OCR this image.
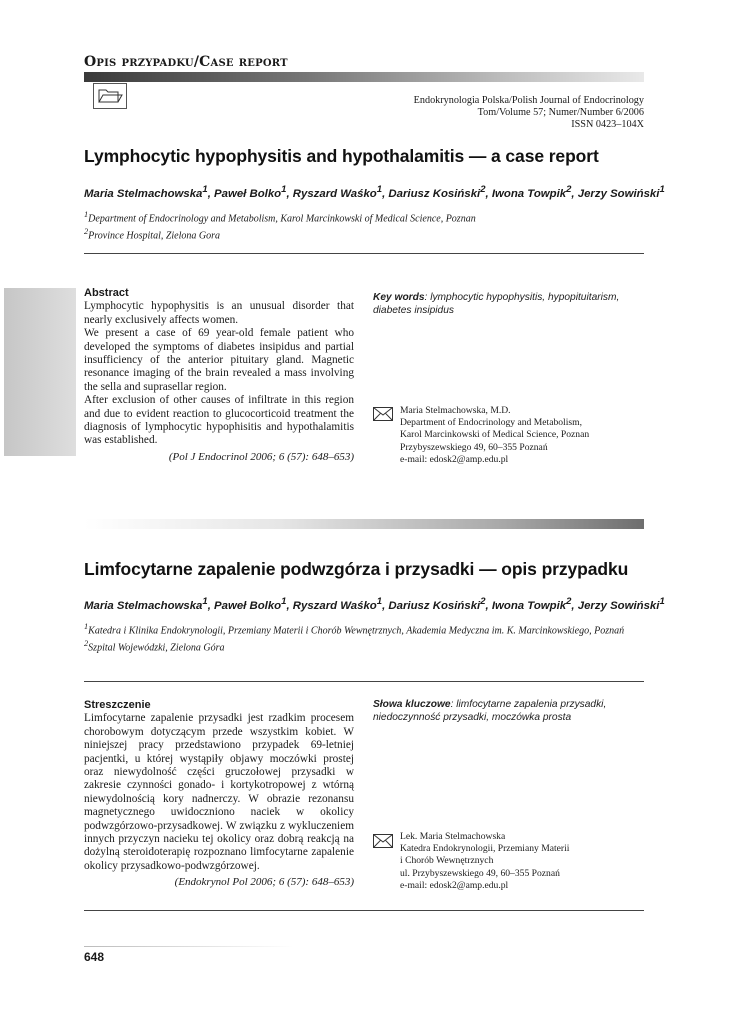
Opis przypadku/Case report
Endokrynologia Polska/Polish Journal of Endocrinology
Tom/Volume 57; Numer/Number 6/2006
ISSN 0423–104X
Lymphocytic hypophysitis and hypothalamitis — a case report
Maria Stelmachowska$^1$, Paweł Bolko$^1$, Ryszard Waśko$^1$, Dariusz Kosiński$^2$, Iwona Towpik$^2$, Jerzy Sowiński$^1$
$^1$Department of Endocrinology and Metabolism, Karol Marcinkowski of Medical Science, Poznan
$^2$Province Hospital, Zielona Gora
Abstract

Lymphocytic hypophysitis is an unusual disorder that nearly exclusively affects women.

We present a case of 69 year-old female patient who developed the symptoms of diabetes insipidus and partial insufficiency of the anterior pituitary gland. Magnetic resonance imaging of the brain revealed a mass involving the sella and suprasellar region.

After exclusion of other causes of infiltrate in this region and due to evident reaction to glucocorticoid treatment the diagnosis of lymphocytic hypophisitis and hypothalamitis was established.

(Pol J Endocrinol 2006; 6 (57): 648–653)
Key words: lymphocytic hypophysitis, hypopituitarism, diabetes insipidus
Maria Stelmachowska, M.D.
Department of Endocrinology and Metabolism,
Karol Marcinkowski of Medical Science, Poznan
Przybyszewskiego 49, 60–355 Poznań
e-mail: edosk2@amp.edu.pl
Limfocytarne zapalenie podwzgórza i przysadki — opis przypadku
Maria Stelmachowska$^1$, Paweł Bolko$^1$, Ryszard Waśko$^1$, Dariusz Kosiński$^2$, Iwona Towpik$^2$, Jerzy Sowiński$^1$
$^1$Katedra i Klinika Endokrynologii, Przemiany Materii i Chorób Wewnętrznych, Akademia Medyczna im. K. Marcinkowskiego, Poznań
$^2$Szpital Wojewódzki, Zielona Góra
Streszczenie

Limfocytarne zapalenie przysadki jest rzadkim procesem chorobowym dotyczącym przede wszystkim kobiet. W niniejszej pracy przedstawiono przypadek 69-letniej pacjentki, u której wystąpiły objawy moczówki prostej oraz niewydolność części gruczołowej przysadki w zakresie czynności gonado- i kortykotropowej z wtórną niewydolnością kory nadnerczy. W obrazie rezonansu magnetycznego uwidoczniono naciek w okolicy podwzgórzowo-przysadkowej. W związku z wykluczeniem innych przyczyn nacieku tej okolicy oraz dobrą reakcją na dożylną steroidoterapię rozpoznano limfocytarne zapalenie okolicy przysadkowo-podwzgórzowej.

(Endokrynol Pol 2006; 6 (57): 648–653)
Słowa kluczowe: limfocytarne zapalenia przysadki, niedoczynność przysadki, moczówka prosta
Lek. Maria Stelmachowska
Katedra Endokrynologii, Przemiany Materii
i Chorób Wewnętrznych
ul. Przybyszewskiego 49, 60–355 Poznań
e-mail: edosk2@amp.edu.pl
648
